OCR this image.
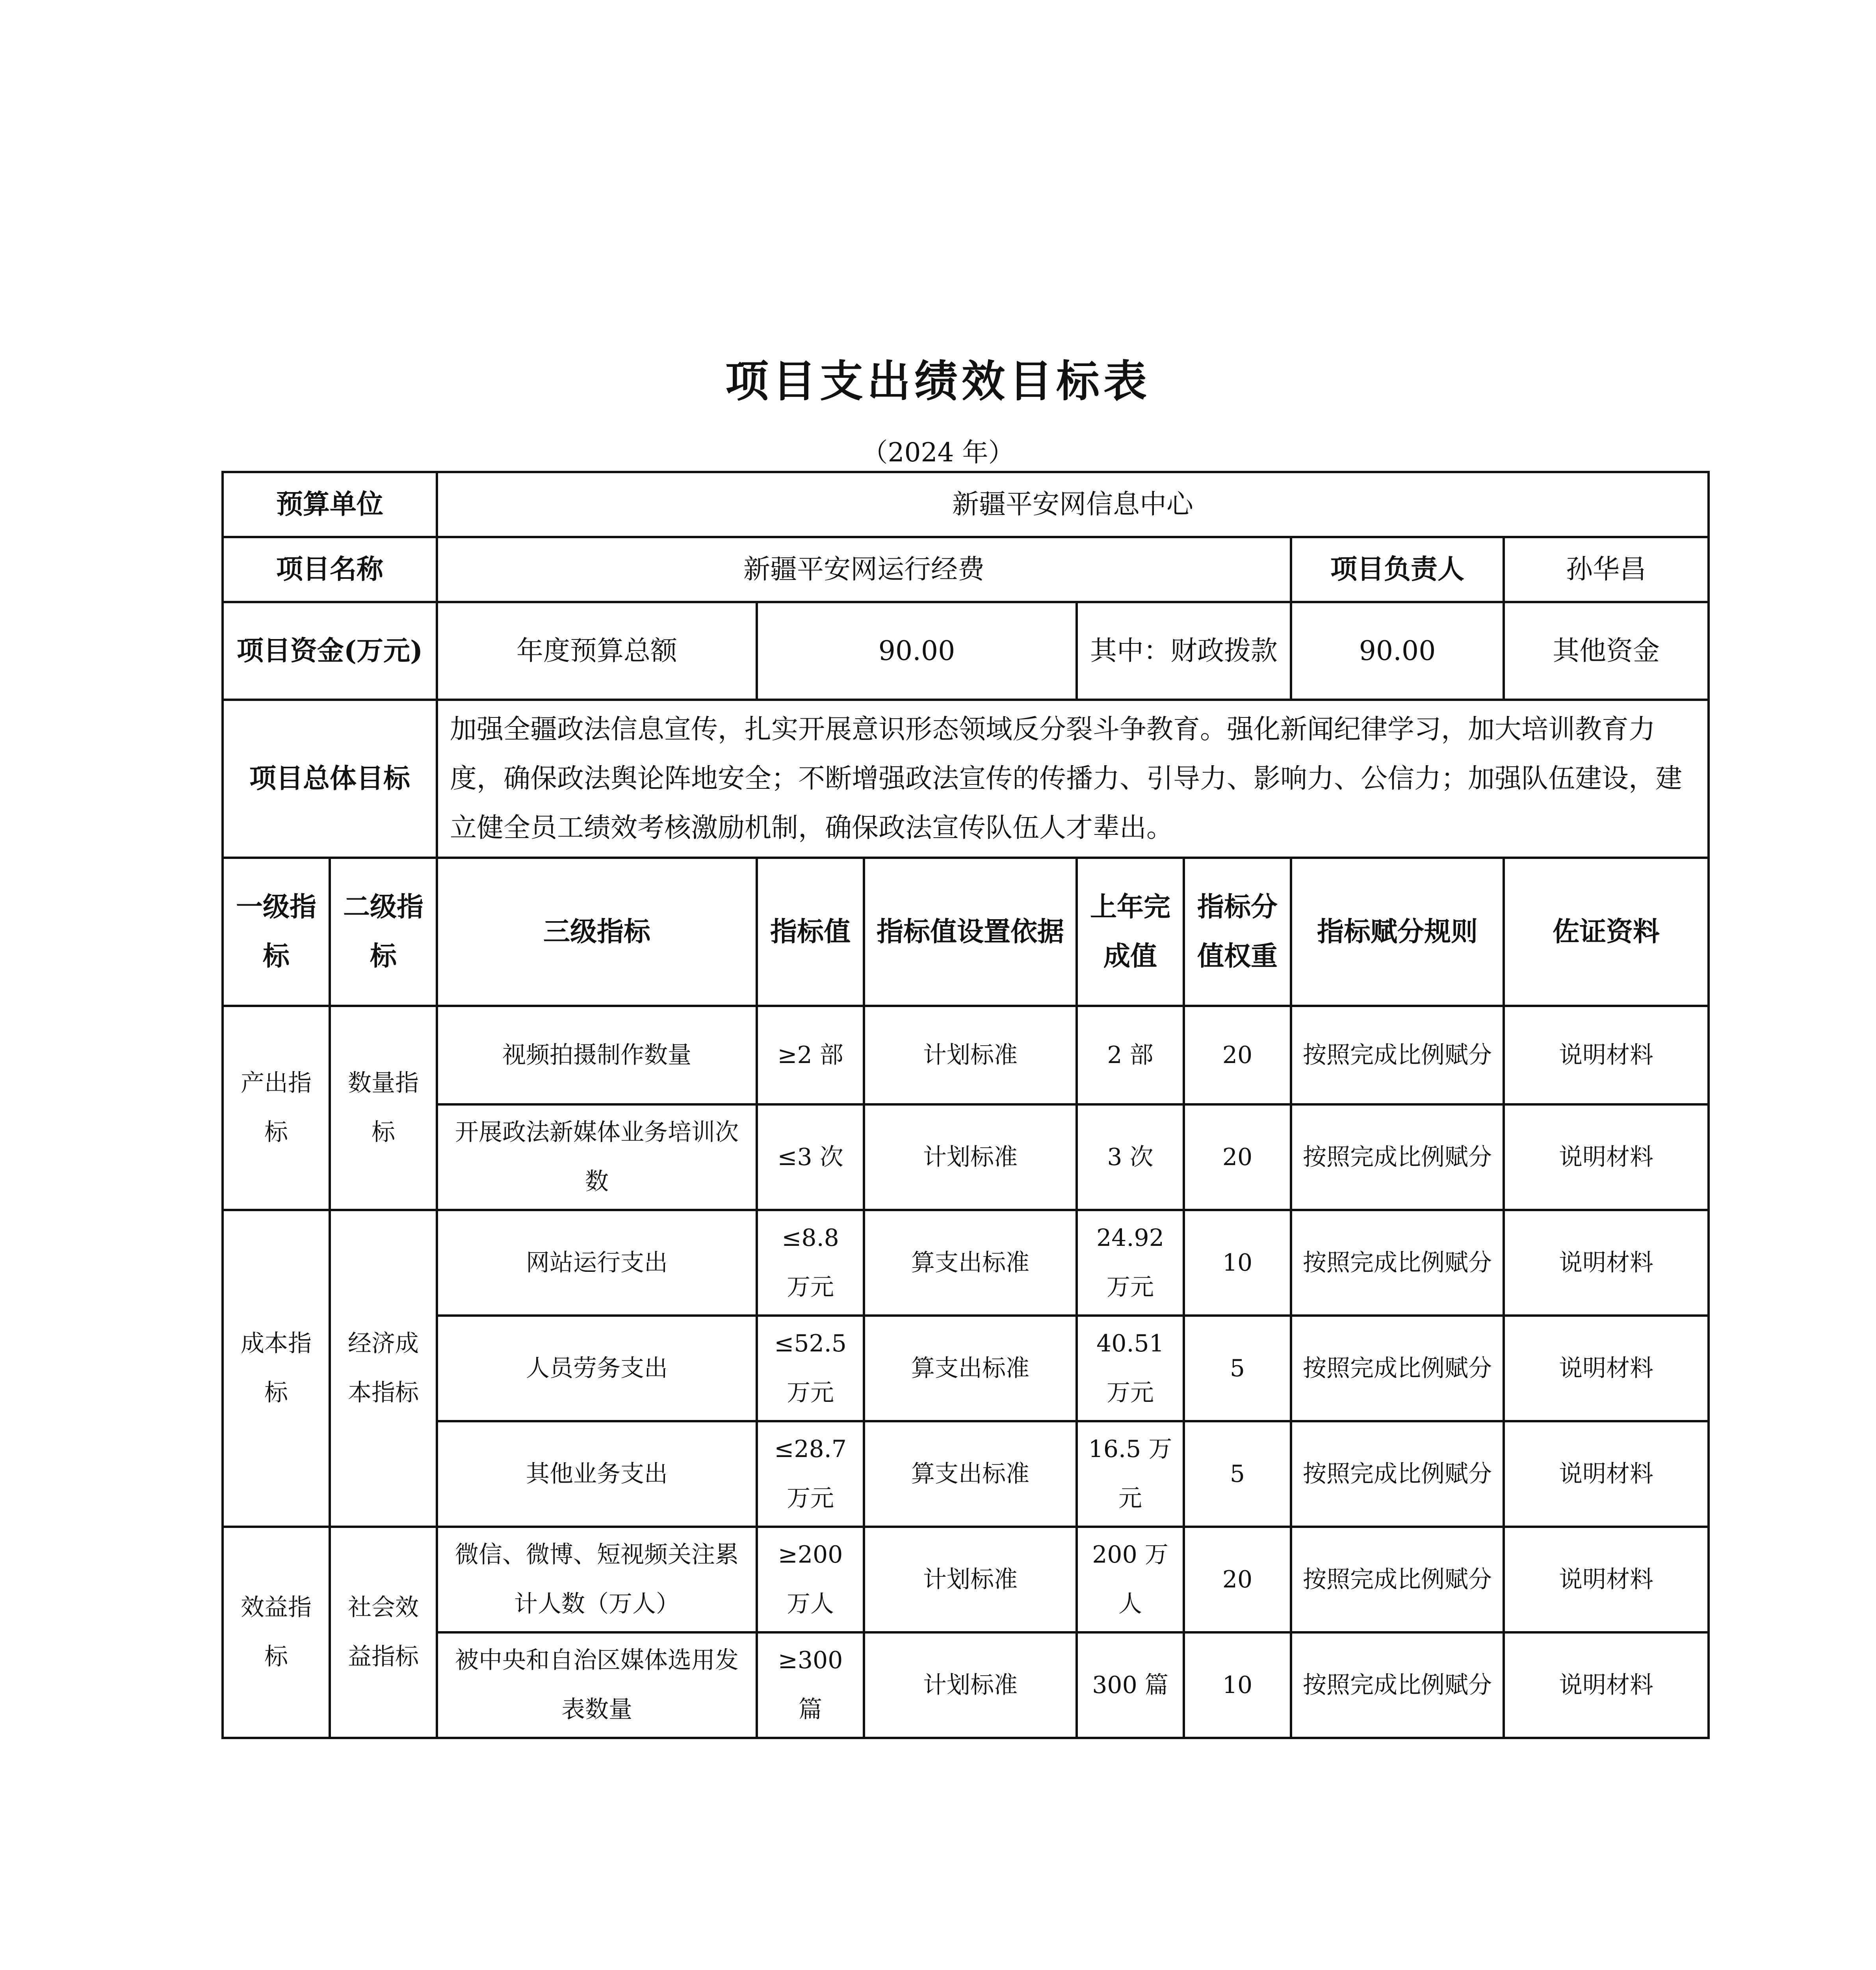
项目支出绩效目标表
（2024 年）
预算单位		新疆平安网信息中心						
项目名称		新疆平安网运行经费					项目负责人	孙华昌
项目资金(万元)		年度预算总额	90.00		其中：财政拨款		90.00	其他资金
项目总体目标		加强全疆政法信息宣传，扎实开展意识形态领域反分裂斗争教育。强化新闻纪律学习，加大培训教育力度，确保政法舆论阵地安全；不断增强政法宣传的传播力、引导力、影响力、公信力；加强队伍建设，建立健全员工绩效考核激励机制，确保政法宣传队伍人才辈出。						
一级指标	二级指标	三级指标	指标值	指标值设置依据	上年完成值	指标分值权重	指标赋分规则	佐证资料
产出指标	数量指标	视频拍摄制作数量	≥2 部	计划标准	2 部	20	按照完成比例赋分	说明材料
		开展政法新媒体业务培训次数	≤3 次	计划标准	3 次	20	按照完成比例赋分	说明材料
成本指标	经济成本指标	网站运行支出	≤8.8 万元	算支出标准	24.92 万元	10	按照完成比例赋分	说明材料
		人员劳务支出	≤52.5 万元	算支出标准	40.51 万元	5	按照完成比例赋分	说明材料
		其他业务支出	≤28.7 万元	算支出标准	16.5 万元	5	按照完成比例赋分	说明材料
效益指标	社会效益指标	微信、微博、短视频关注累计人数（万人）	≥200 万人	计划标准	200 万人	20	按照完成比例赋分	说明材料
		被中央和自治区媒体选用发表数量	≥300 篇	计划标准	300 篇	10	按照完成比例赋分	说明材料
